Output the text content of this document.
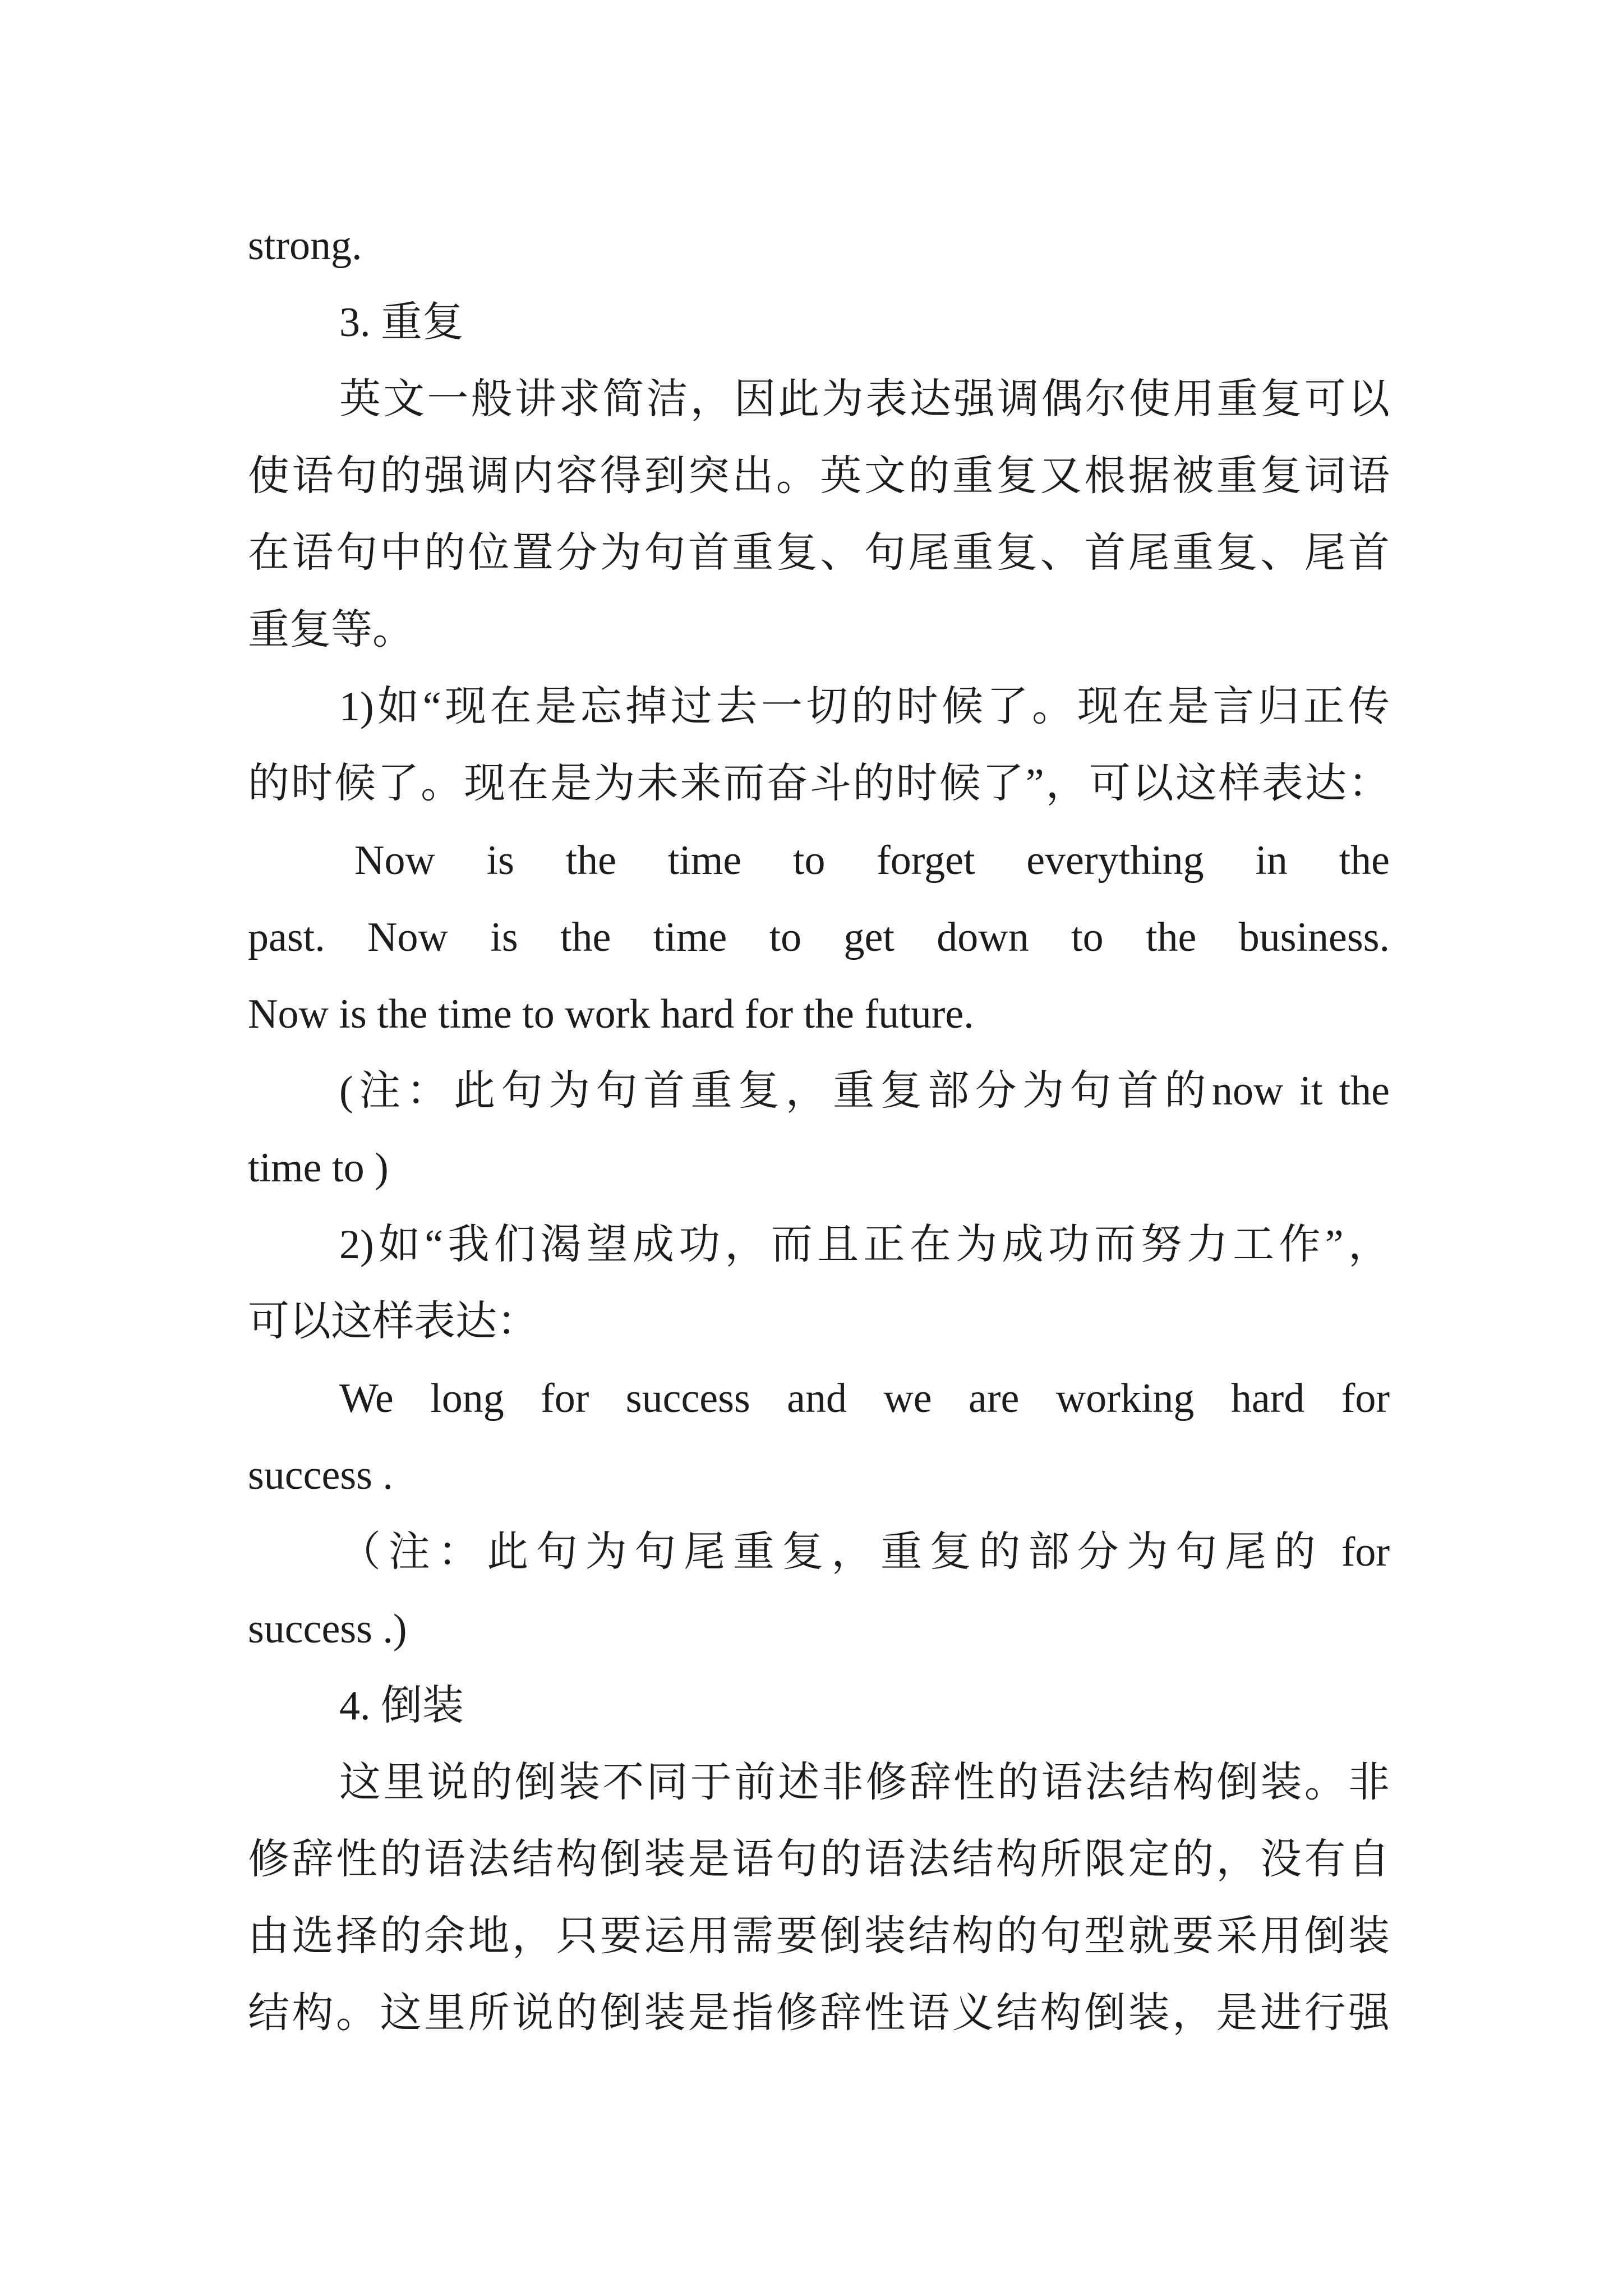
strong.
3. 重复
英文一般讲求简洁，因此为表达强调偶尔使用重复可以
使语句的强调内容得到突出。英文的重复又根据被重复词语
在语句中的位置分为句首重复、句尾重复、首尾重复、尾首
重复等。
1)如“现在是忘掉过去一切的时候了。现在是言归正传
的时候了。现在是为未来而奋斗的时候了”，可以这样表达：
Now is the time to forget everything in the
past. Now is the time to get down to the business.
Now is the time to work hard for the future.
(注：此句为句首重复，重复部分为句首的now it the
time to )
2)如“我们渴望成功，而且正在为成功而努力工作”，
可以这样表达：
We long for success and we are working hard for
success .
（注：此句为句尾重复，重复的部分为句尾的 for
success .)
4. 倒装
这里说的倒装不同于前述非修辞性的语法结构倒装。非
修辞性的语法结构倒装是语句的语法结构所限定的，没有自
由选择的余地，只要运用需要倒装结构的句型就要采用倒装
结构。这里所说的倒装是指修辞性语义结构倒装，是进行强
